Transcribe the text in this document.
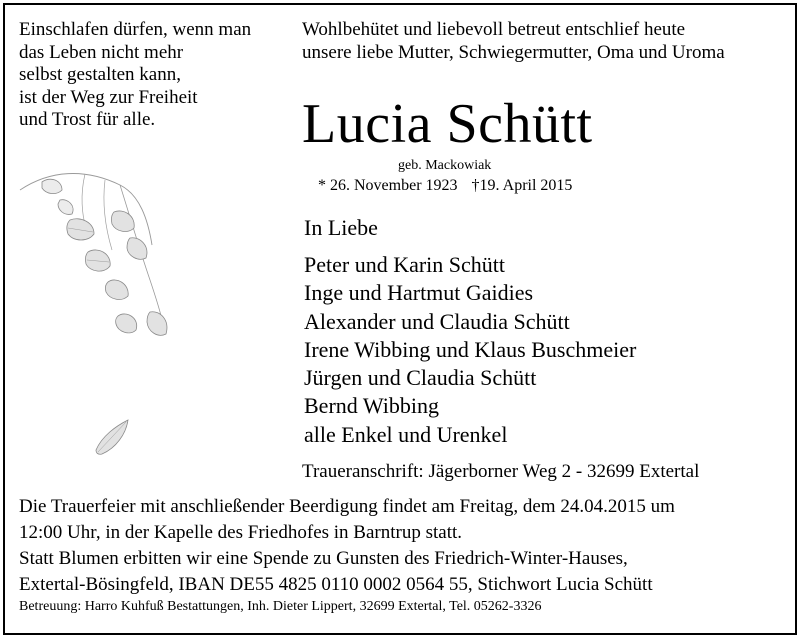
Einschlafen dürfen, wenn man
das Leben nicht mehr
selbst gestalten kann,
ist der Weg zur Freiheit
und Trost für alle.
Wohlbehütet und liebevoll betreut entschlief heute
unsere liebe Mutter, Schwiegermutter, Oma und Uroma
Lucia Schütt
geb. Mackowiak
* 26. November 1923 †19. April 2015
In Liebe
Peter und Karin Schütt
Inge und Hartmut Gaidies
Alexander und Claudia Schütt
Irene Wibbing und Klaus Buschmeier
Jürgen und Claudia Schütt
Bernd Wibbing
alle Enkel und Urenkel
Traueranschrift: Jägerborner Weg 2 - 32699 Extertal
Die Trauerfeier mit anschließender Beerdigung findet am Freitag, dem 24.04.2015 um
12:00 Uhr, in der Kapelle des Friedhofes in Barntrup statt.
Statt Blumen erbitten wir eine Spende zu Gunsten des Friedrich-Winter-Hauses,
Extertal-Bösingfeld, IBAN DE55 4825 0110 0002 0564 55, Stichwort Lucia Schütt
Betreuung: Harro Kuhfuß Bestattungen, Inh. Dieter Lippert, 32699 Extertal, Tel. 05262-3326
